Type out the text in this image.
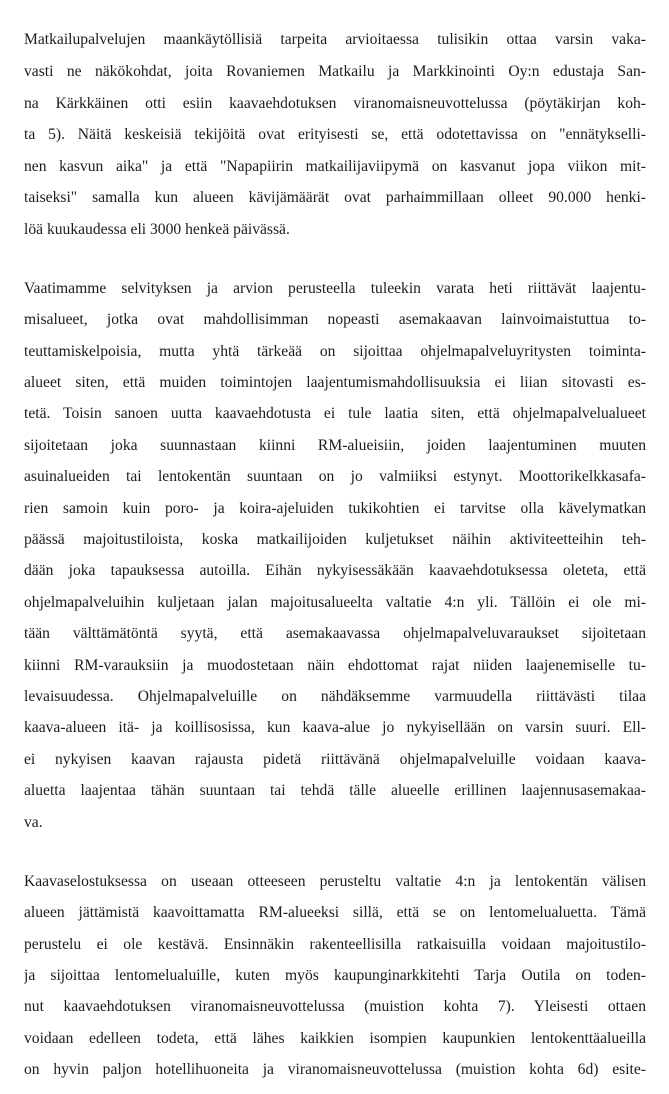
Matkailupalvelujen maankäytöllisiä tarpeita arvioitaessa tulisikin ottaa varsin vaka-
vasti ne näkökohdat, joita Rovaniemen Matkailu ja Markkinointi Oy:n edustaja San-
na Kärkkäinen otti esiin kaavaehdotuksen viranomaisneuvottelussa (pöytäkirjan koh-
ta 5). Näitä keskeisiä tekijöitä ovat erityisesti se, että odotettavissa on "ennätykselli-
nen kasvun aika" ja että "Napapiirin matkailijaviipymä on kasvanut jopa viikon mit-
taiseksi" samalla kun alueen kävijämäärät ovat parhaimmillaan olleet 90.000 henki-
löä kuukaudessa eli 3000 henkeä päivässä.
Vaatimamme selvityksen ja arvion perusteella tuleekin varata heti riittävät laajentu-
misalueet, jotka ovat mahdollisimman nopeasti asemakaavan lainvoimaistuttua to-
teuttamiskelpoisia, mutta yhtä tärkeää on sijoittaa ohjelmapalveluyritysten toiminta-
alueet siten, että muiden toimintojen laajentumismahdollisuuksia ei liian sitovasti es-
tetä. Toisin sanoen uutta kaavaehdotusta ei tule laatia siten, että ohjelmapalvelualueet
sijoitetaan joka suunnastaan kiinni RM-alueisiin, joiden laajentuminen muuten
asuinalueiden tai lentokentän suuntaan on jo valmiiksi estynyt. Moottorikelkkasafa-
rien samoin kuin poro- ja koira-ajeluiden tukikohtien ei tarvitse olla kävelymatkan
päässä majoitustiloista, koska matkailijoiden kuljetukset näihin aktiviteetteihin teh-
dään joka tapauksessa autoilla. Eihän nykyisessäkään kaavaehdotuksessa oleteta, että
ohjelmapalveluihin kuljetaan jalan majoitusalueelta valtatie 4:n yli. Tällöin ei ole mi-
tään välttämätöntä syytä, että asemakaavassa ohjelmapalveluvaraukset sijoitetaan
kiinni RM-varauksiin ja muodostetaan näin ehdottomat rajat niiden laajenemiselle tu-
levaisuudessa. Ohjelmapalveluille on nähdäksemme varmuudella riittävästi tilaa
kaava-alueen itä- ja koillisosissa, kun kaava-alue jo nykyisellään on varsin suuri. Ell-
ei nykyisen kaavan rajausta pidetä riittävänä ohjelmapalveluille voidaan kaava-
aluetta laajentaa tähän suuntaan tai tehdä tälle alueelle erillinen laajennusasemakaa-
va.
Kaavaselostuksessa on useaan otteeseen perusteltu valtatie 4:n ja lentokentän välisen
alueen jättämistä kaavoittamatta RM-alueeksi sillä, että se on lentomelualuetta. Tämä
perustelu ei ole kestävä. Ensinnäkin rakenteellisilla ratkaisuilla voidaan majoitustilo-
ja sijoittaa lentomelualuille, kuten myös kaupunginarkkitehti Tarja Outila on toden-
nut kaavaehdotuksen viranomaisneuvottelussa (muistion kohta 7). Yleisesti ottaen
voidaan edelleen todeta, että lähes kaikkien isompien kaupunkien lentokenttäalueilla
on hyvin paljon hotellihuoneita ja viranomaisneuvottelussa (muistion kohta 6d) esite-
